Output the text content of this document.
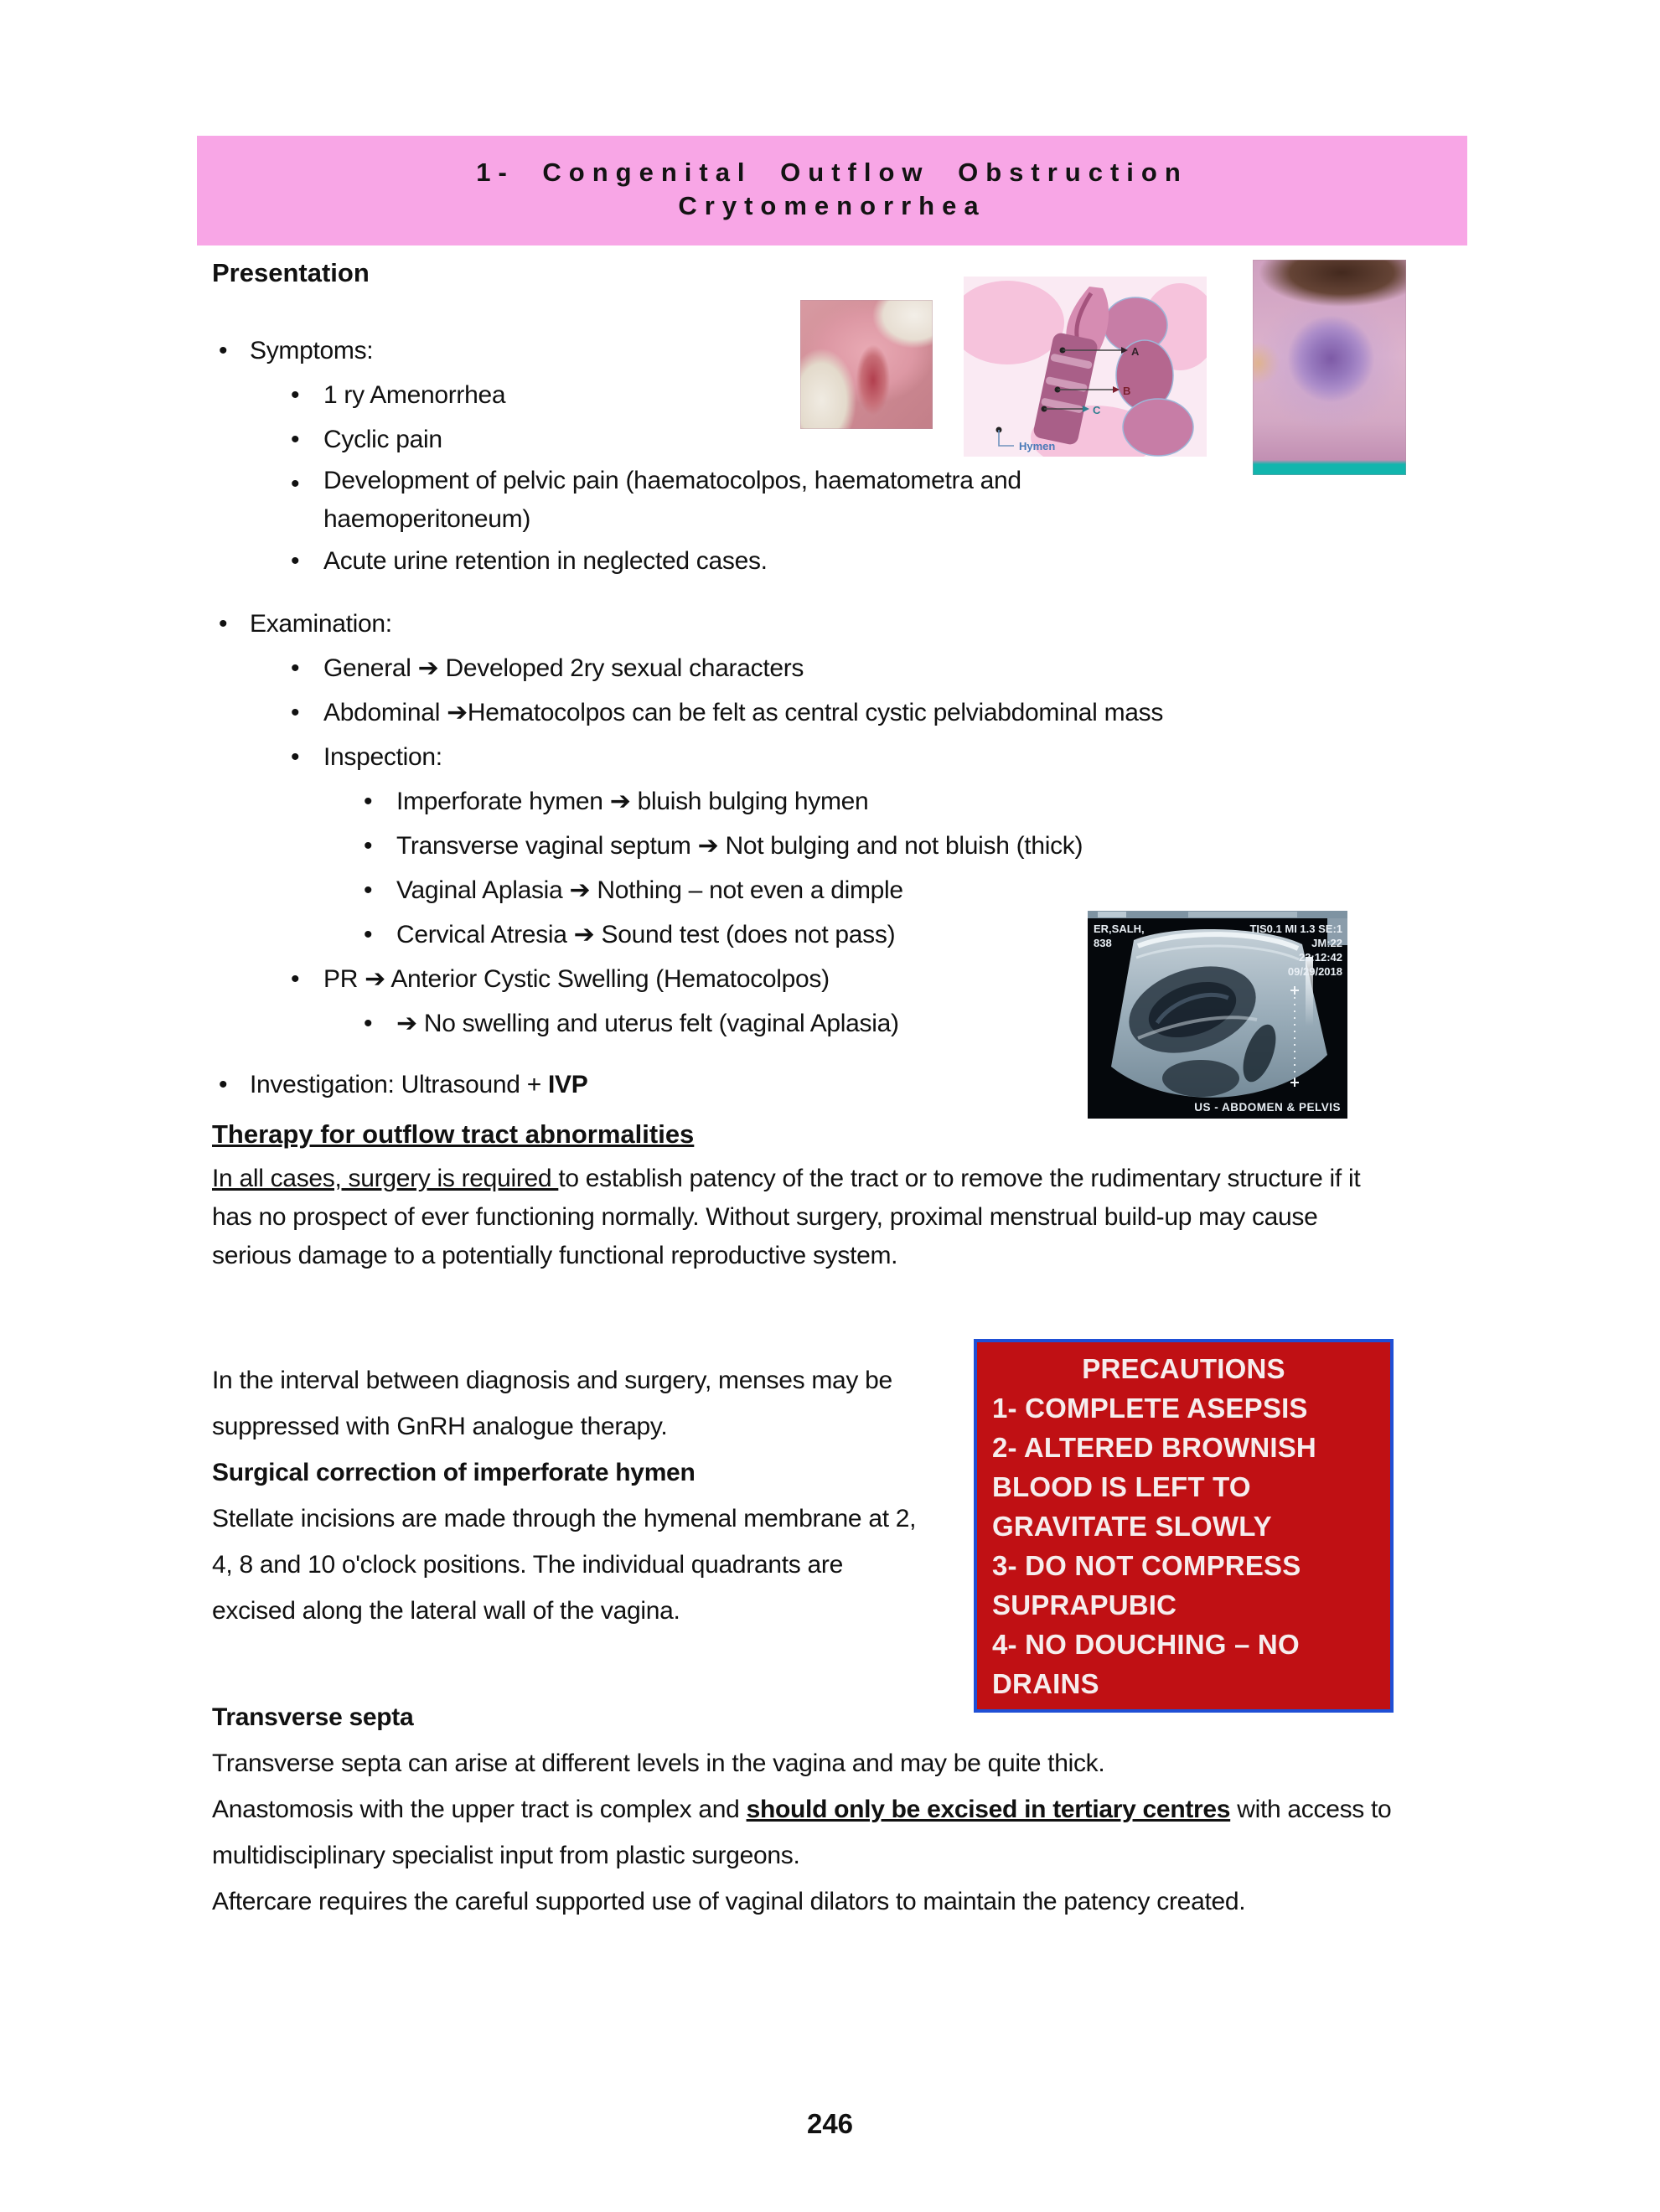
1- Congenital Outflow Obstruction
Crytomenorrhea
Presentation
A
B
C
Hymen
• Symptoms:
• 1 ry Amenorrhea
• Cyclic pain
• Development of pelvic pain (haematocolpos, haematometra and
haemoperitoneum)
• Acute urine retention in neglected cases.
• Examination:
• General ➔ Developed 2ry sexual characters
• Abdominal ➔Hematocolpos can be felt as central cystic pelviabdominal mass
• Inspection:
• Imperforate hymen ➔ bluish bulging hymen
• Transverse vaginal septum ➔ Not bulging and not bluish (thick)
• Vaginal Aplasia ➔ Nothing – not even a dimple
• Cervical Atresia ➔ Sound test (does not pass)
• PR ➔ Anterior Cystic Swelling (Hematocolpos)
• ➔ No swelling and uterus felt (vaginal Aplasia)
• Investigation: Ultrasound + IVP
ER,SALH,
838
TIS0.1 MI 1.3 SE:1
JM:22
22:12:42
09/29/2018
US - ABDOMEN & PELVIS
Therapy for outflow tract abnormalities
In all cases, surgery is required to establish patency of the tract or to remove the rudimentary structure if it has no prospect of ever functioning normally. Without surgery, proximal menstrual build-up may cause serious damage to a potentially functional reproductive system.
In the interval between diagnosis and surgery, menses may be suppressed with GnRH analogue therapy.
Surgical correction of imperforate hymen
Stellate incisions are made through the hymenal membrane at 2, 4, 8 and 10 o'clock positions. The individual quadrants are excised along the lateral wall of the vagina.
PRECAUTIONS
1- COMPLETE ASEPSIS
2- ALTERED BROWNISH BLOOD IS LEFT TO GRAVITATE SLOWLY
3- DO NOT COMPRESS SUPRAPUBIC
4- NO DOUCHING – NO DRAINS
Transverse septa
Transverse septa can arise at different levels in the vagina and may be quite thick.
Anastomosis with the upper tract is complex and should only be excised in tertiary centres with access to multidisciplinary specialist input from plastic surgeons.
Aftercare requires the careful supported use of vaginal dilators to maintain the patency created.
246
